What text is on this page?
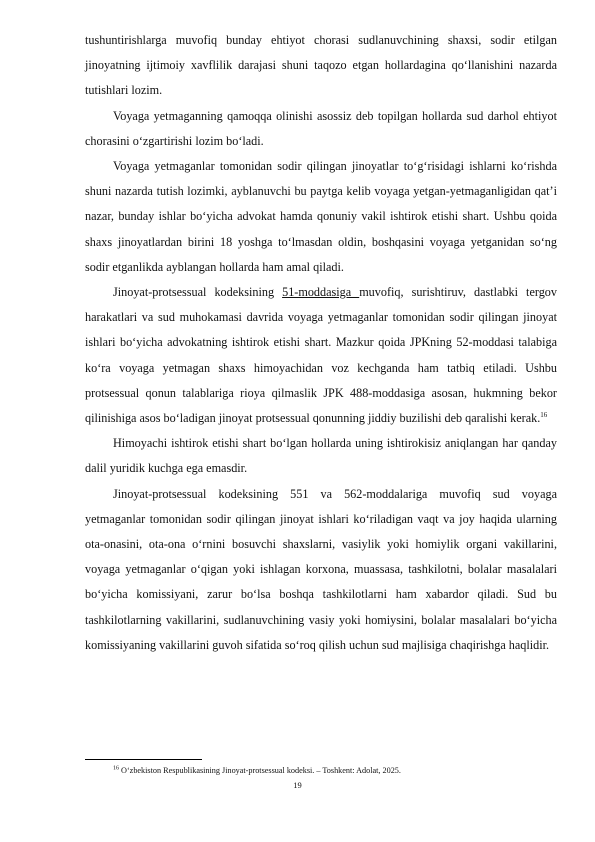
tushuntirishlarga muvofiq bunday ehtiyot chorasi sudlanuvchining shaxsi, sodir etilgan jinoyatning ijtimoiy xavflilik darajasi shuni taqozo etgan hollardagina qo‘llanishini nazarda tutishlari lozim.

Voyaga yetmaganning qamoqqa olinishi asossiz deb topilgan hollarda sud darhol ehtiyot chorasini o‘zgartirishi lozim bo‘ladi.

Voyaga yetmaganlar tomonidan sodir qilingan jinoyatlar to‘g‘risidagi ishlarni ko‘rishda shuni nazarda tutish lozimki, ayblanuvchi bu paytga kelib voyaga yetgan-yetmaganligidan qat’i nazar, bunday ishlar bo‘yicha advokat hamda qonuniy vakil ishtirok etishi shart. Ushbu qoida shaxs jinoyatlardan birini 18 yoshga to‘lmasdan oldin, boshqasini voyaga yetganidan so‘ng sodir etganlikda ayblangan hollarda ham amal qiladi.

Jinoyat-protsessual kodeksining 51-moddasiga muvofiq, surishtiruv, dastlabki tergov harakatlari va sud muhokamasi davrida voyaga yetmaganlar tomonidan sodir qilingan jinoyat ishlari bo‘yicha advokatning ishtirok etishi shart. Mazkur qoida JPKning 52-moddasi talabiga ko‘ra voyaga yetmagan shaxs himoyachidan voz kechganda ham tatbiq etiladi. Ushbu protsessual qonun talablariga rioya qilmaslik JPK 488-moddasiga asosan, hukmning bekor qilinishiga asos bo‘ladigan jinoyat protsessual qonunning jiddiy buzilishi deb qaralishi kerak.$^{16}$

Himoyachi ishtirok etishi shart bo‘lgan hollarda uning ishtirokisiz aniqlangan har qanday dalil yuridik kuchga ega emasdir.

Jinoyat-protsessual kodeksining 551 va 562-moddalariga muvofiq sud voyaga yetmaganlar tomonidan sodir qilingan jinoyat ishlari ko‘riladigan vaqt va joy haqida ularning ota-onasini, ota-ona o‘rnini bosuvchi shaxslarni, vasiylik yoki homiylik organi vakillarini, voyaga yetmaganlar o‘qigan yoki ishlagan korxona, muassasa, tashkilotni, bolalar masalalari bo‘yicha komissiyani, zarur bo‘lsa boshqa tashkilotlarni ham xabardor qiladi. Sud bu tashkilotlarning vakillarini, sudlanuvchining vasiy yoki homiysini, bolalar masalalari bo‘yicha komissiyaning vakillarini guvoh sifatida so‘roq qilish uchun sud majlisiga chaqirishga haqlidir.

$^{16}$ O‘zbekiston Respublikasining Jinoyat-protsessual kodeksi. – Toshkent: Adolat, 2025.
19
